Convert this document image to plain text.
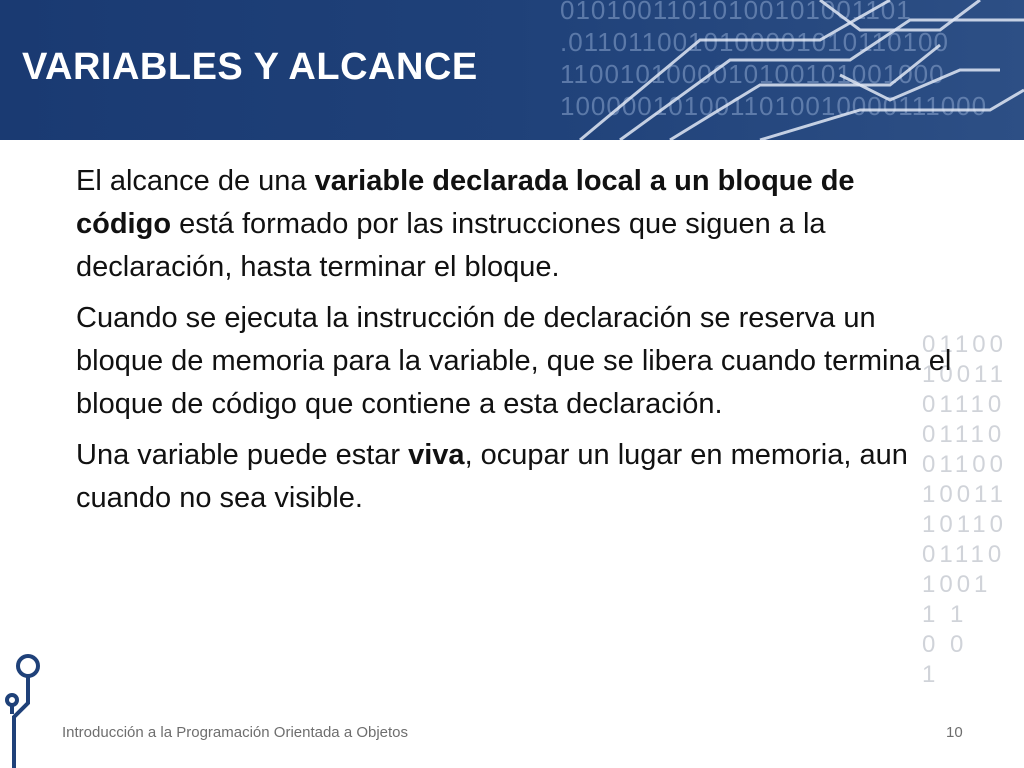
01010011010100101001101
.0110110010100001010110100
1100101000010100101001000
1000001010011010010000111000
VARIABLES Y ALCANCE
01100
10011
01110
01110
01100
10011
10110
01110
1001
1 1
0 0
1

El alcance de una variable declarada local a un bloque de código está formado por las instrucciones que siguen a la declaración, hasta terminar el bloque.

Cuando se ejecuta la instrucción de declaración se reserva un bloque de memoria para la variable, que se libera cuando termina el bloque de código que contiene a esta declaración.

Una variable puede estar viva, ocupar un lugar en memoria, aun cuando no sea visible.

Introducción a la Programación Orientada a Objetos	10
